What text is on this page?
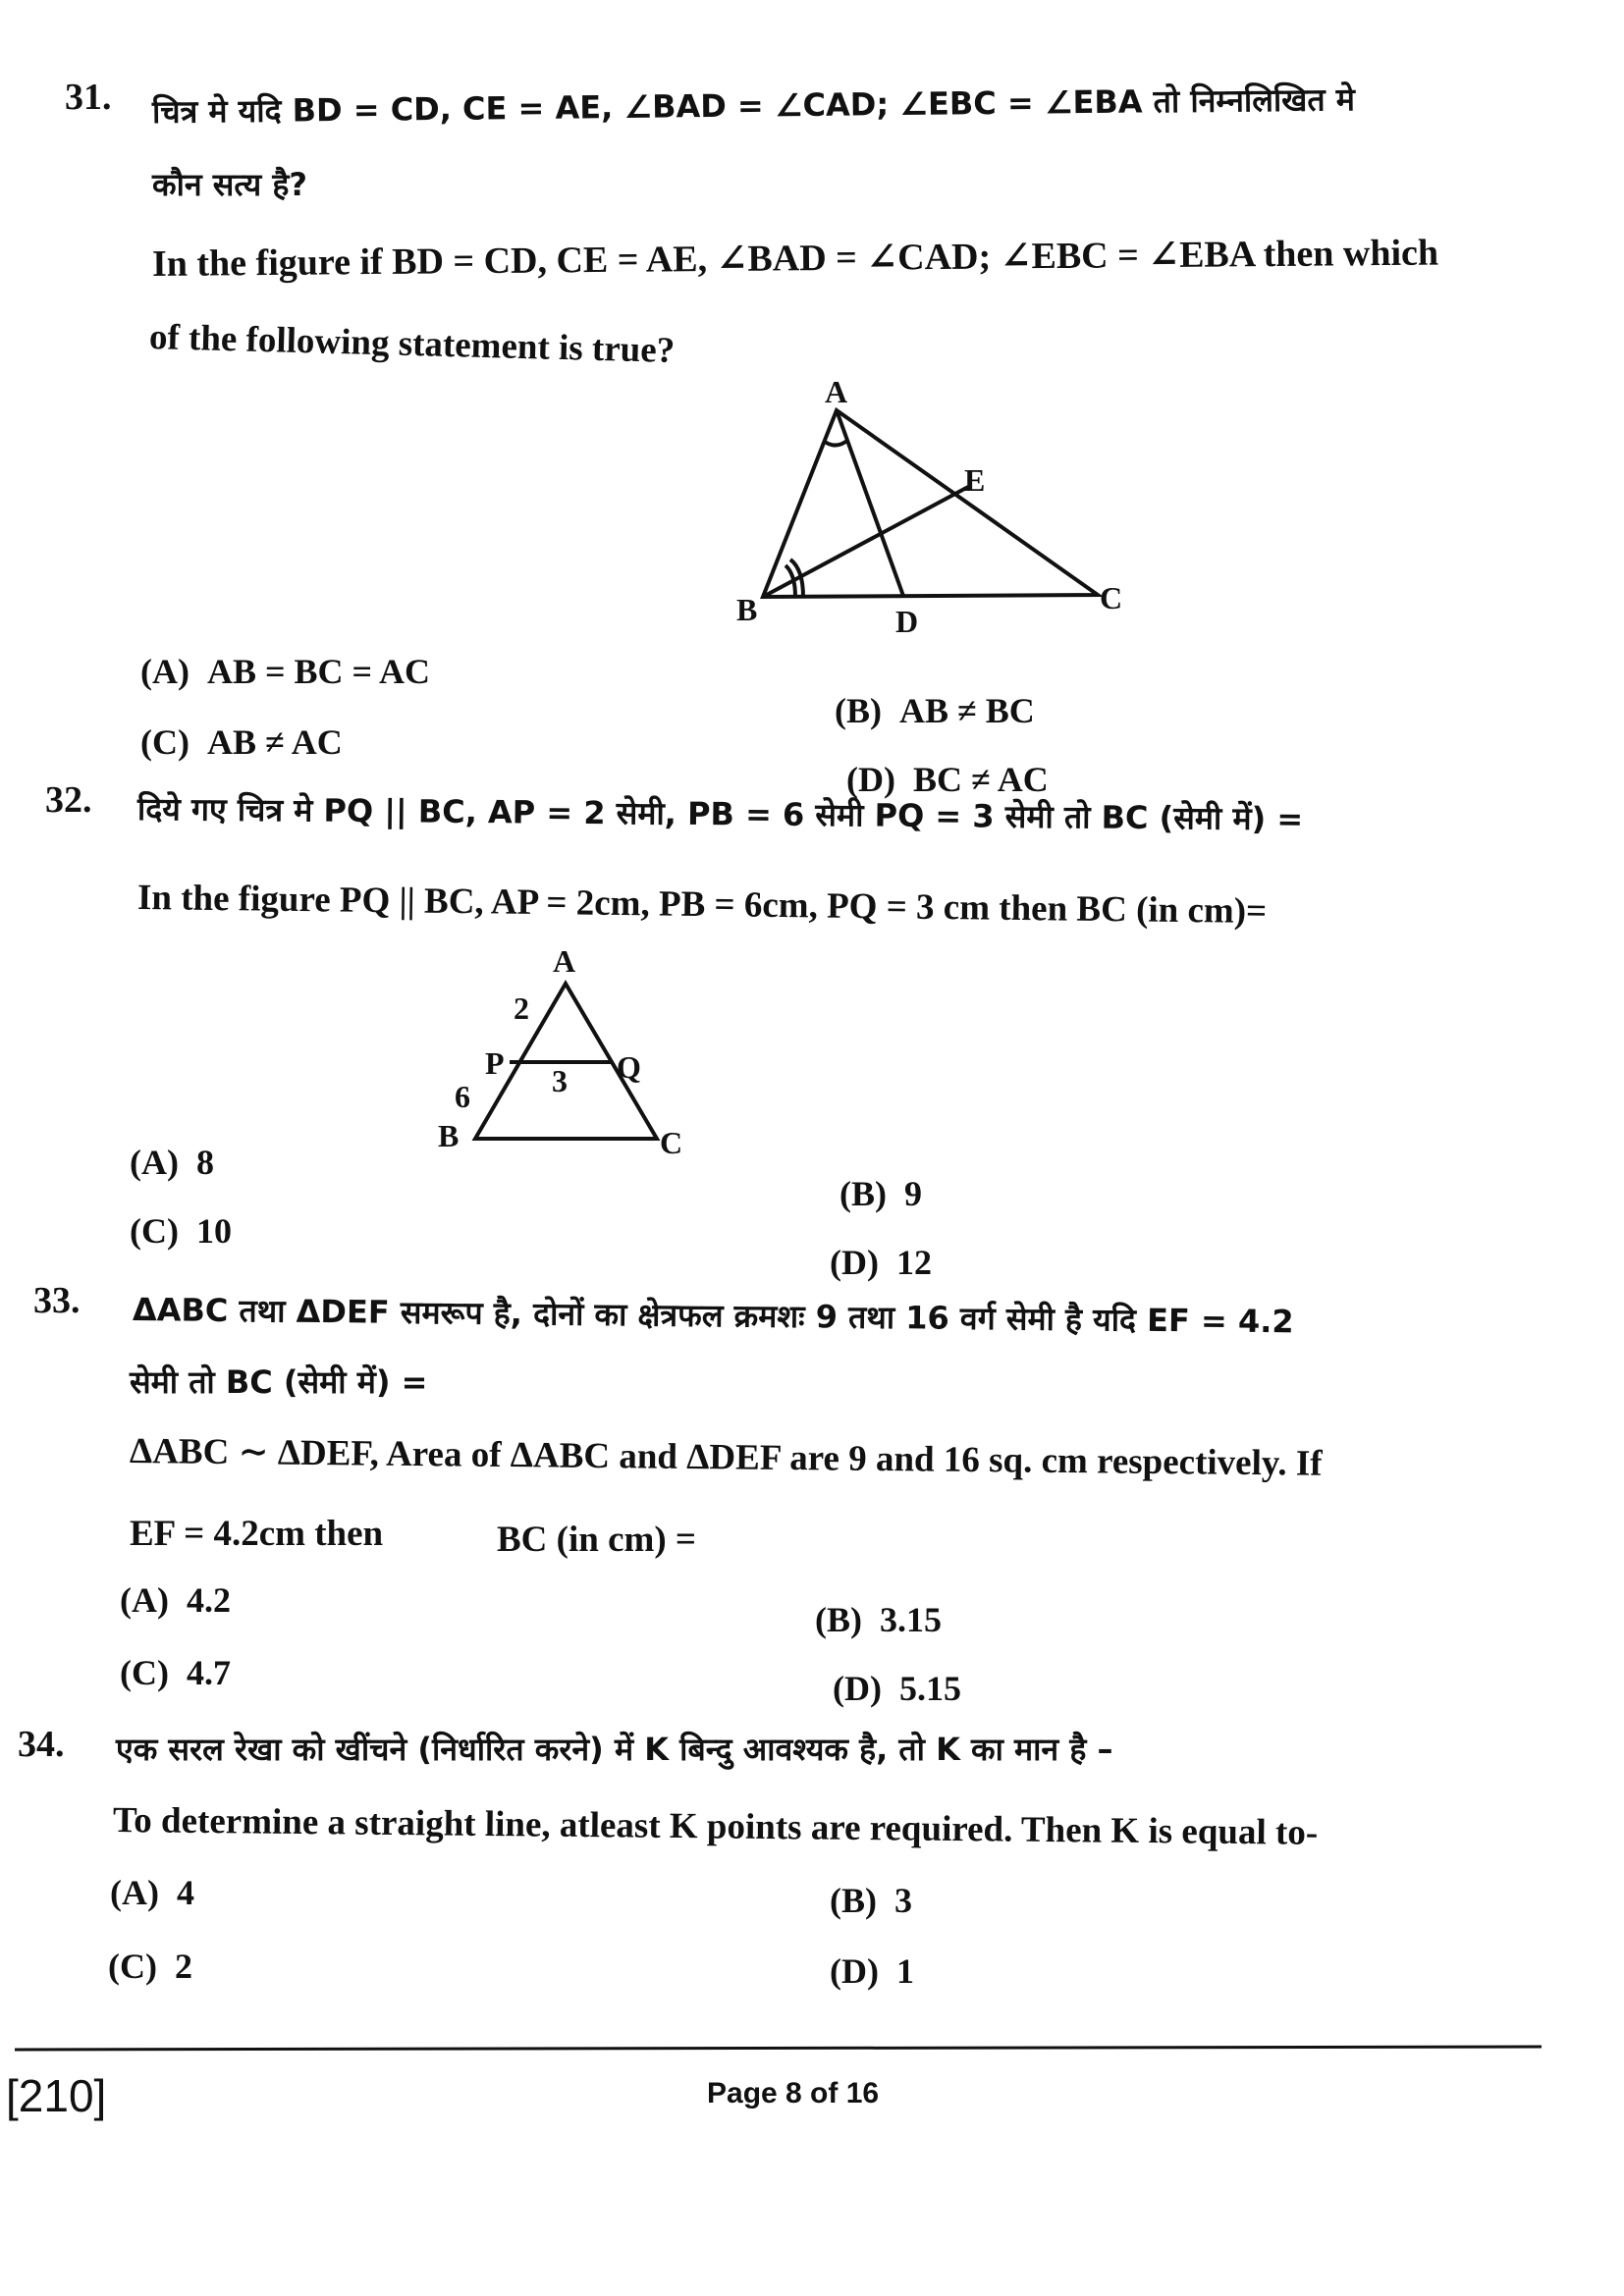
31. चित्र मे यदि BD = CD, CE = AE, ∠BAD = ∠CAD; ∠EBC = ∠EBA तो निम्नलिखित मे
कौन सत्य है?
In the figure if BD = CD, CE = AE, ∠BAD = ∠CAD; ∠EBC = ∠EBA then which
of the following statement is true?
A
E
B	D
C
A
2
P	Q
3
6
B	C
(A) AB = BC = AC
(B) AB ≠ BC
(C) AB ≠ AC
(D) BC ≠ AC
32. दिये गए चित्र मे PQ || BC, AP = 2 सेमी, PB = 6 सेमी PQ = 3 सेमी तो BC (सेमी में) =
In the figure PQ || BC, AP = 2cm, PB = 6cm, PQ = 3 cm then BC (in cm)=
(A) 8
(B) 9
(C) 10
(D) 12
33. ΔABC तथा ΔDEF समरूप है, दोनों का क्षेत्रफल क्रमशः 9 तथा 16 वर्ग सेमी है यदि EF = 4.2
सेमी तो BC (सेमी में) =
ΔABC ∼ ΔDEF, Area of ΔABC and ΔDEF are 9 and 16 sq. cm respectively. If
EF = 4.2cm then	BC (in cm) =
(A) 4.2	(B) 3.15
(C) 4.7	(D) 5.15
34. एक सरल रेखा को खींचने (निर्धारित करने) में K बिन्दु आवश्यक है, तो K का मान है –
To determine a straight line, atleast K points are required. Then K is equal to-
(A) 4	(B) 3
(C) 2	(D) 1
[210]	Page 8 of 16
